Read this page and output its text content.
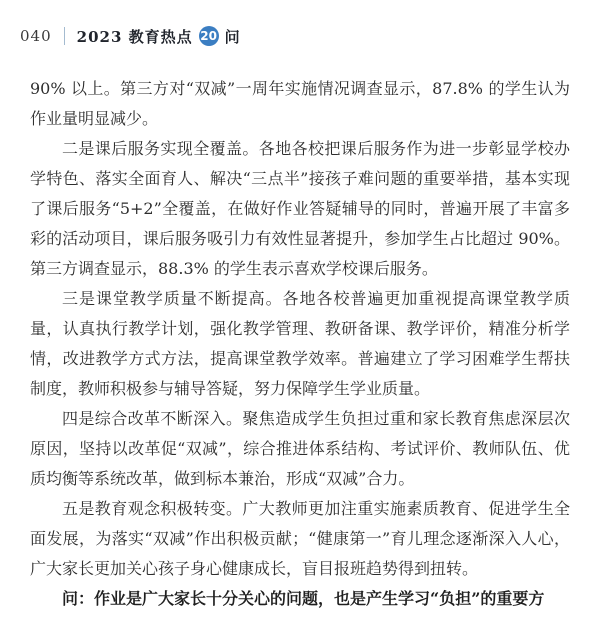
040 2023 教育热点 20 问

90% 以上。第三方对“双减”一周年实施情况调查显示，87.8% 的学生认为作业量明显减少。

二是课后服务实现全覆盖。各地各校把课后服务作为进一步彰显学校办学特色、落实全面育人、解决“三点半”接孩子难问题的重要举措，基本实现了课后服务“5+2”全覆盖，在做好作业答疑辅导的同时，普遍开展了丰富多彩的活动项目，课后服务吸引力有效性显著提升，参加学生占比超过 90%。第三方调查显示，88.3% 的学生表示喜欢学校课后服务。

三是课堂教学质量不断提高。各地各校普遍更加重视提高课堂教学质量，认真执行教学计划，强化教学管理、教研备课、教学评价，精准分析学情，改进教学方式方法，提高课堂教学效率。普遍建立了学习困难学生帮扶制度，教师积极参与辅导答疑，努力保障学生学业质量。

四是综合改革不断深入。聚焦造成学生负担过重和家长教育焦虑深层次原因，坚持以改革促“双减”，综合推进体系结构、考试评价、教师队伍、优质均衡等系统改革，做到标本兼治，形成“双减”合力。

五是教育观念积极转变。广大教师更加注重实施素质教育、促进学生全面发展，为落实“双减”作出积极贡献；“健康第一”育儿理念逐渐深入人心，广大家长更加关心孩子身心健康成长，盲目报班趋势得到扭转。

问：作业是广大家长十分关心的问题，也是产生学习“负担”的重要方
